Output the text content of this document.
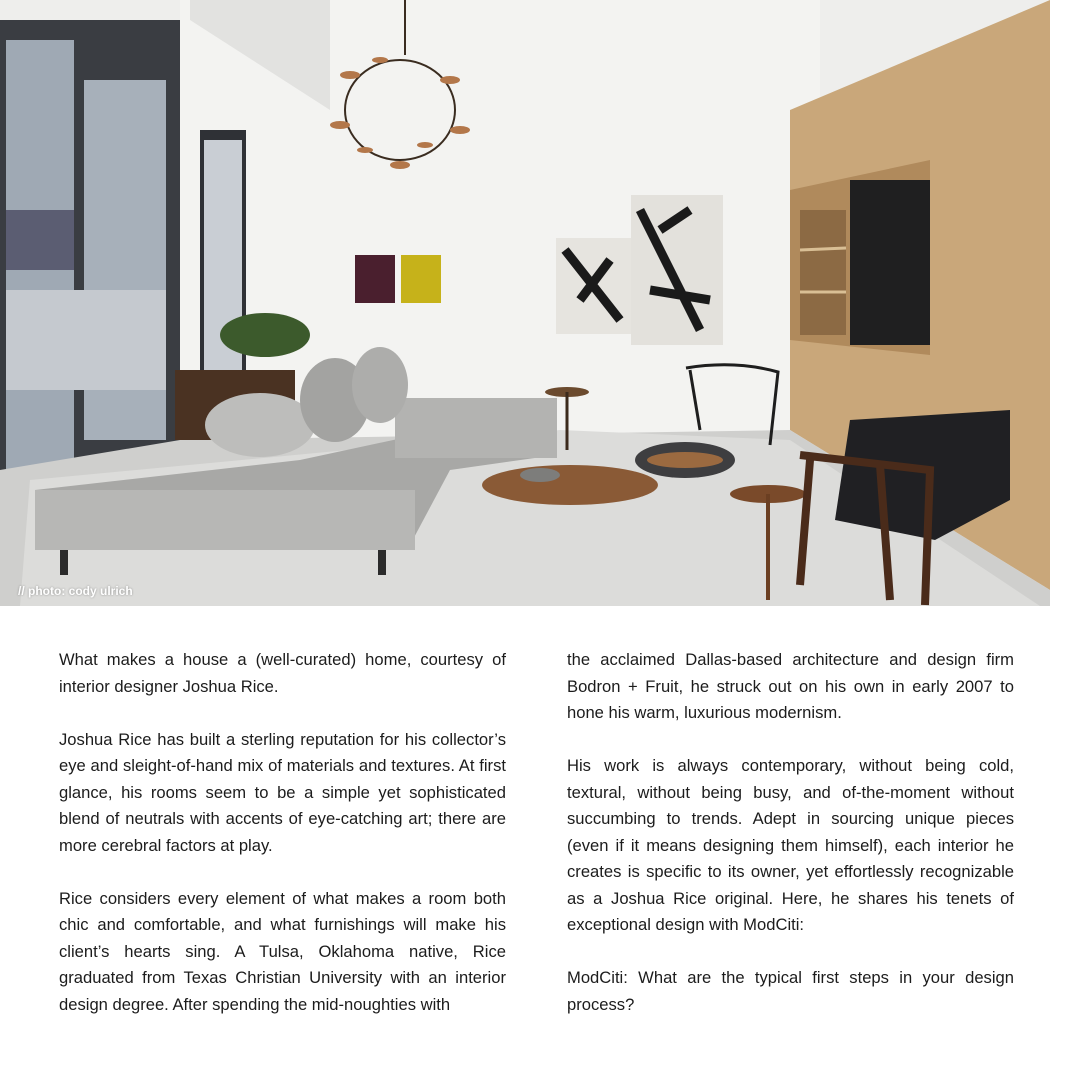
// photo: cody ulrich

What makes a house a (well-curated) home, courtesy of interior designer Joshua Rice.

Joshua Rice has built a sterling reputation for his collector’s eye and sleight-of-hand mix of materials and textures. At first glance, his rooms seem to be a simple yet sophisticated blend of neutrals with accents of eye-catching art; there are more cerebral factors at play.

Rice considers every element of what makes a room both chic and comfortable, and what furnishings will make his client’s hearts sing. A Tulsa, Oklahoma native, Rice graduated from Texas Christian University with an interior design degree. After spending the mid-noughties with

the acclaimed Dallas-based architecture and design firm Bodron + Fruit, he struck out on his own in early 2007 to hone his warm, luxurious modernism.

His work is always contemporary, without being cold, textural, without being busy, and of-the-moment without succumbing to trends. Adept in sourcing unique pieces (even if it means designing them himself), each interior he creates is specific to its owner, yet effortlessly recognizable as a Joshua Rice original. Here, he shares his tenets of exceptional design with ModCiti:

ModCiti: What are the typical first steps in your design process?
